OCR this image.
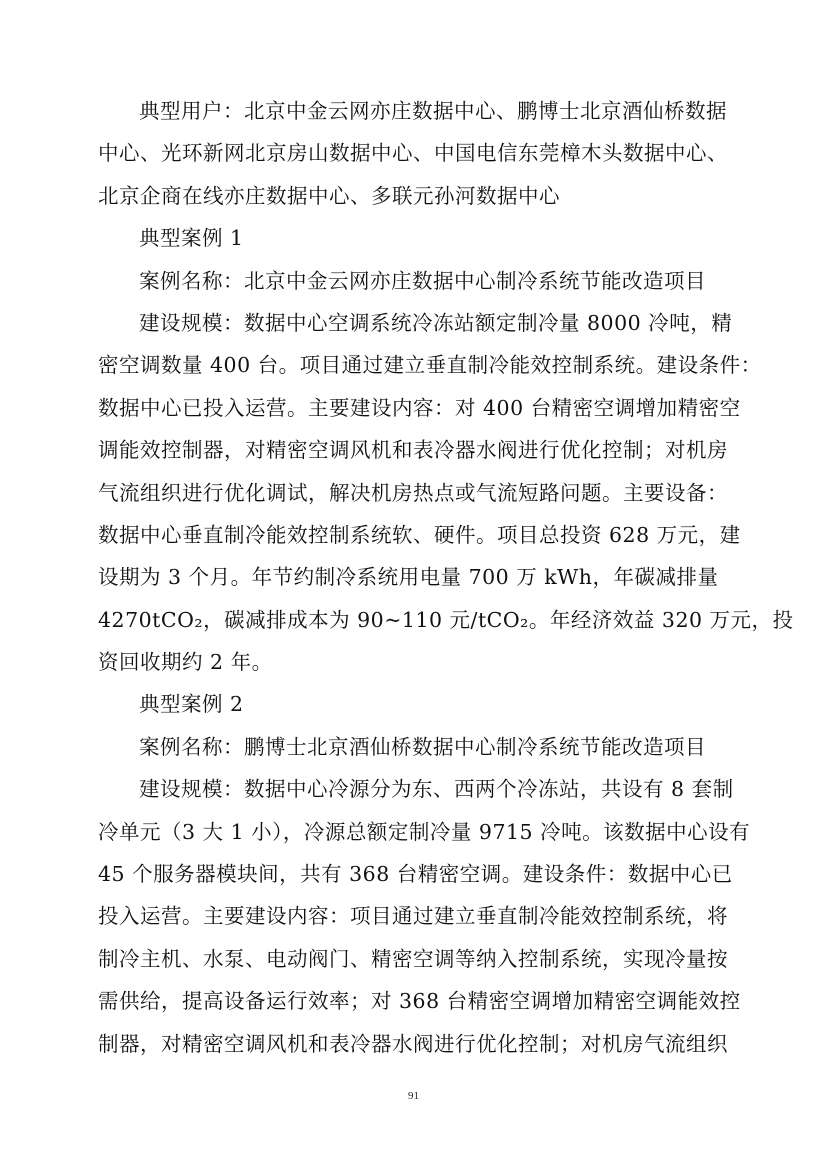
典型用户：北京中金云网亦庄数据中心、鹏博士北京酒仙桥数据
中心、光环新网北京房山数据中心、中国电信东莞樟木头数据中心、
北京企商在线亦庄数据中心、多联元孙河数据中心
典型案例 1
案例名称：北京中金云网亦庄数据中心制冷系统节能改造项目
建设规模：数据中心空调系统冷冻站额定制冷量 8000 冷吨，精
密空调数量 400 台。项目通过建立垂直制冷能效控制系统。建设条件：
数据中心已投入运营。主要建设内容：对 400 台精密空调增加精密空
调能效控制器，对精密空调风机和表冷器水阀进行优化控制；对机房
气流组织进行优化调试，解决机房热点或气流短路问题。主要设备：
数据中心垂直制冷能效控制系统软、硬件。项目总投资 628 万元，建
设期为 3 个月。年节约制冷系统用电量 700 万 kWh，年碳减排量
4270tCO₂，碳减排成本为 90~110 元/tCO₂。年经济效益 320 万元，投
资回收期约 2 年。
典型案例 2
案例名称：鹏博士北京酒仙桥数据中心制冷系统节能改造项目
建设规模：数据中心冷源分为东、西两个冷冻站，共设有 8 套制
冷单元（3 大 1 小），冷源总额定制冷量 9715 冷吨。该数据中心设有
45 个服务器模块间，共有 368 台精密空调。建设条件：数据中心已
投入运营。主要建设内容：项目通过建立垂直制冷能效控制系统，将
制冷主机、水泵、电动阀门、精密空调等纳入控制系统，实现冷量按
需供给，提高设备运行效率；对 368 台精密空调增加精密空调能效控
制器，对精密空调风机和表冷器水阀进行优化控制；对机房气流组织
91
